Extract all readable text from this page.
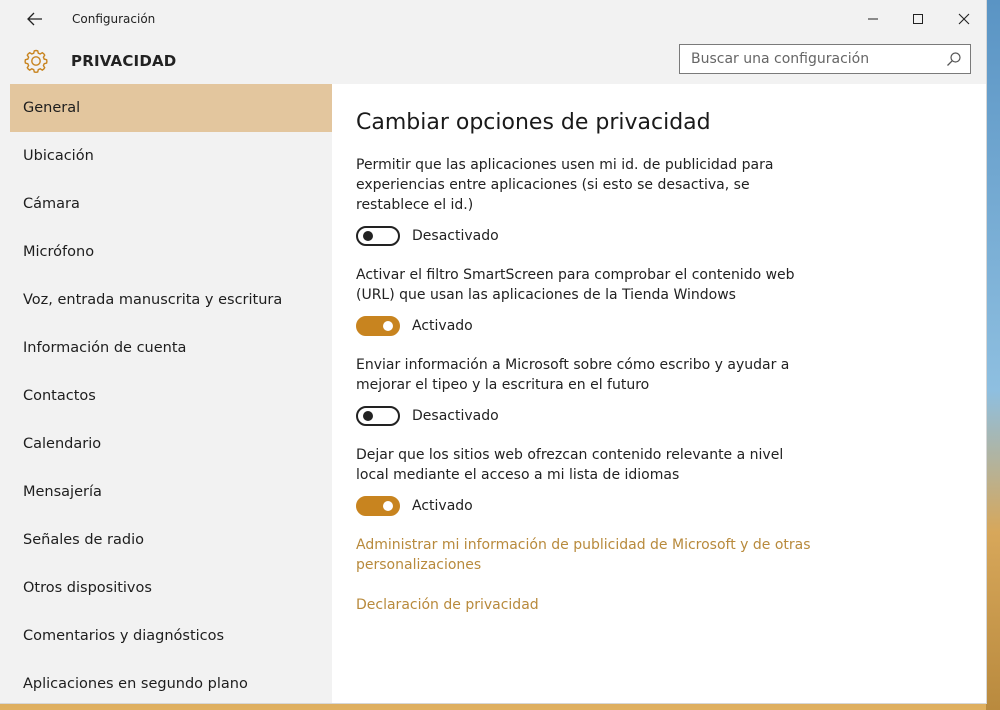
Configuración
PRIVACIDAD
Buscar una configuración
General
Ubicación
Cámara
Micrófono
Voz, entrada manuscrita y escritura
Información de cuenta
Contactos
Calendario
Mensajería
Señales de radio
Otros dispositivos
Comentarios y diagnósticos
Aplicaciones en segundo plano
Cambiar opciones de privacidad
Permitir que las aplicaciones usen mi id. de publicidad para experiencias entre aplicaciones (si esto se desactiva, se restablece el id.)
Desactivado
Activar el filtro SmartScreen para comprobar el contenido web (URL) que usan las aplicaciones de la Tienda Windows
Activado
Enviar información a Microsoft sobre cómo escribo y ayudar a mejorar el tipeo y la escritura en el futuro
Desactivado
Dejar que los sitios web ofrezcan contenido relevante a nivel local mediante el acceso a mi lista de idiomas
Activado
Administrar mi información de publicidad de Microsoft y de otras personalizaciones
Declaración de privacidad
